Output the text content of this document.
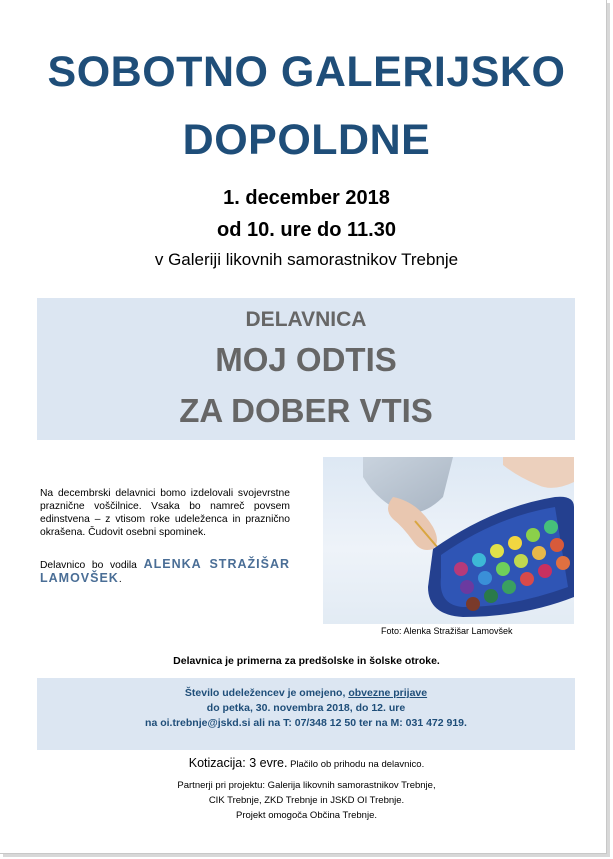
SOBOTNO GALERIJSKO
DOPOLDNE
1. december 2018
od 10. ure do 11.30
v Galeriji likovnih samorastnikov Trebnje
DELAVNICA
MOJ ODTIS
ZA DOBER VTIS
Na decembrski delavnici bomo izdelovali svojevrstne praznične voščilnice. Vsaka bo namreč povsem edinstvena – z vtisom roke udeleženca in praznično okrašena. Čudovit osebni spominek.
Delavnico bo vodila ALENKA STRAŽIŠAR LAMOVŠEK.
Foto: Alenka Stražišar Lamovšek
Delavnica je primerna za predšolske in šolske otroke.
Število udeležencev je omejeno, obvezne prijave
do petka, 30. novembra 2018, do 12. ure
na oi.trebnje@jskd.si ali na T: 07/348 12 50 ter na M: 031 472 919.
Kotizacija: 3 evre. Plačilo ob prihodu na delavnico.
Partnerji pri projektu: Galerija likovnih samorastnikov Trebnje,
CIK Trebnje, ZKD Trebnje in JSKD OI Trebnje.
Projekt omogoča Občina Trebnje.
